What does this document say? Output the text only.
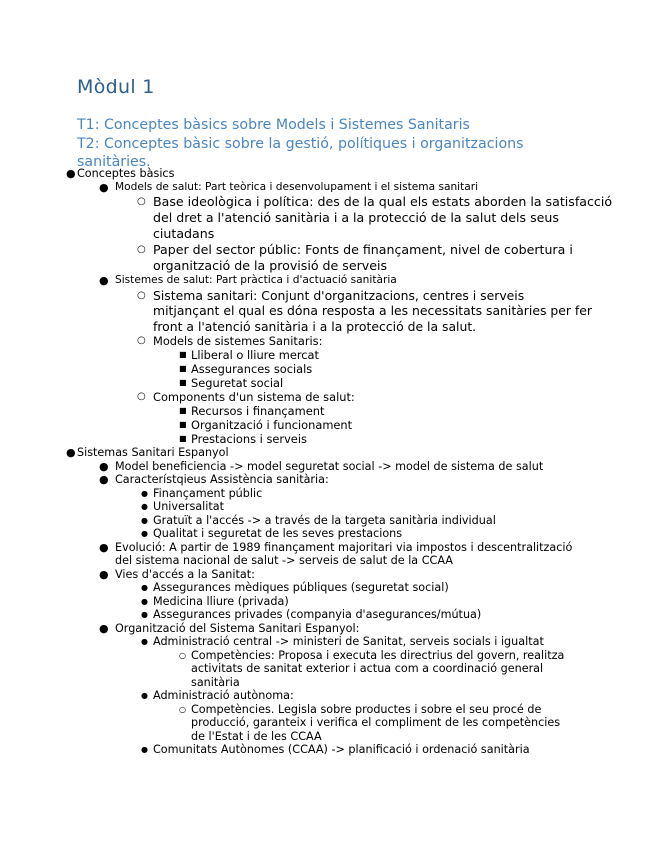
Mòdul 1
T1: Conceptes bàsics sobre Models i Sistemes Sanitaris
T2: Conceptes bàsic sobre la gestió, polítiques i organitzacions sanitàries.
● Conceptes bàsics
● Models de salut: Part teòrica i desenvolupament i el sistema sanitari
○ Base ideològica i política: des de la qual els estats aborden la satisfacció del dret a l'atenció sanitària i a la protecció de la salut dels seus ciutadans
○ Paper del sector públic: Fonts de finançament, nivel de cobertura i organització de la provisió de serveis
● Sistemes de salut: Part pràctica i d'actuació sanitària
○ Sistema sanitari: Conjunt d'organitzacions, centres i serveis mitjançant el qual es dóna resposta a les necessitats sanitàries per fer front a l'atenció sanitària i a la protecció de la salut.
○ Models de sistemes Sanitaris:
■ Lliberal o lliure mercat
■ Assegurances socials
■ Seguretat social
○ Components d'un sistema de salut:
■ Recursos i finançament
■ Organització i funcionament
■ Prestacions i serveis
● Sistemas Sanitari Espanyol
● Model beneficiencia -> model seguretat social -> model de sistema de salut
● Característqieus Assistència sanitària:
● Finançament públic
● Universalitat
● Gratuït a l'accés -> a través de la targeta sanitària individual
● Qualitat i seguretat de les seves prestacions
● Evolució: A partir de 1989 finançament majoritari via impostos i descentralització del sistema nacional de salut -> serveis de salut de la CCAA
● Vies d'accés a la Sanitat:
● Assegurances mèdiques públiques (seguretat social)
● Medicina lliure (privada)
● Assegurances privades (companyia d'asegurances/mútua)
● Organització del Sistema Sanitari Espanyol:
● Administració central -> ministeri de Sanitat, serveis socials i igualtat
○ Competències: Proposa i executa les directrius del govern, realitza activitats de sanitat exterior i actua com a coordinació general sanitària
● Administració autònoma:
○ Competències. Legisla sobre productes i sobre el seu procé de producció, garanteix i verifica el compliment de les competències de l'Estat i de les CCAA
● Comunitats Autònomes (CCAA) -> planificació i ordenació sanitària
